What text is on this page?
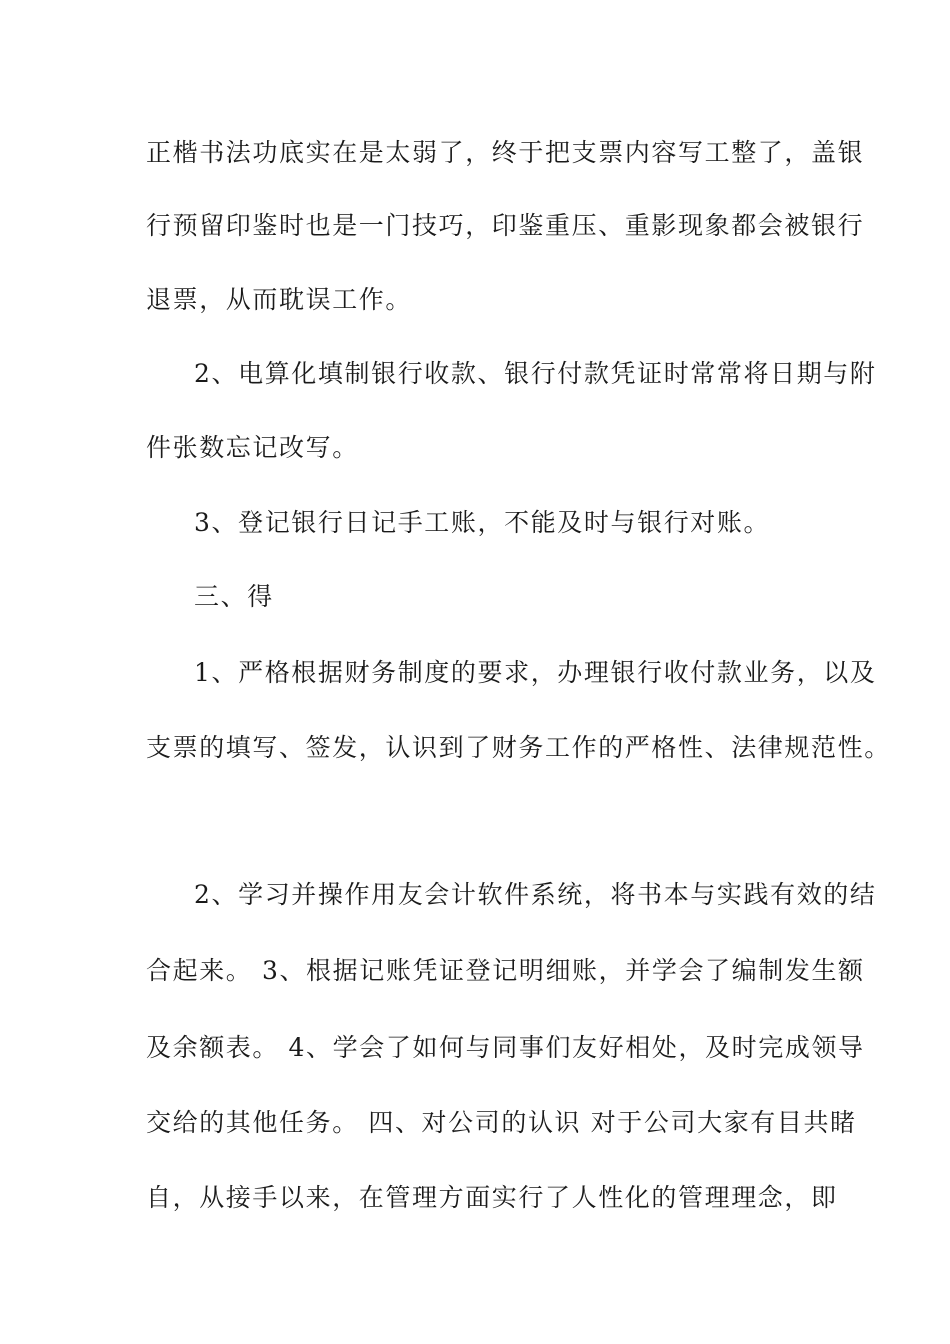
正楷书法功底实在是太弱了，终于把支票内容写工整了，盖银
行预留印鉴时也是一门技巧，印鉴重压、重影现象都会被银行
退票，从而耽误工作。
2、电算化填制银行收款、银行付款凭证时常常将日期与附
件张数忘记改写。
3、登记银行日记手工账，不能及时与银行对账。
三、得
1、严格根据财务制度的要求，办理银行收付款业务，以及
支票的填写、签发，认识到了财务工作的严格性、法律规范性。
2、学习并操作用友会计软件系统，将书本与实践有效的结
合起来。 3、根据记账凭证登记明细账，并学会了编制发生额
及余额表。 4、学会了如何与同事们友好相处，及时完成领导
交给的其他任务。 四、对公司的认识 对于公司大家有目共睹
自，从接手以来，在管理方面实行了人性化的管理理念，即
